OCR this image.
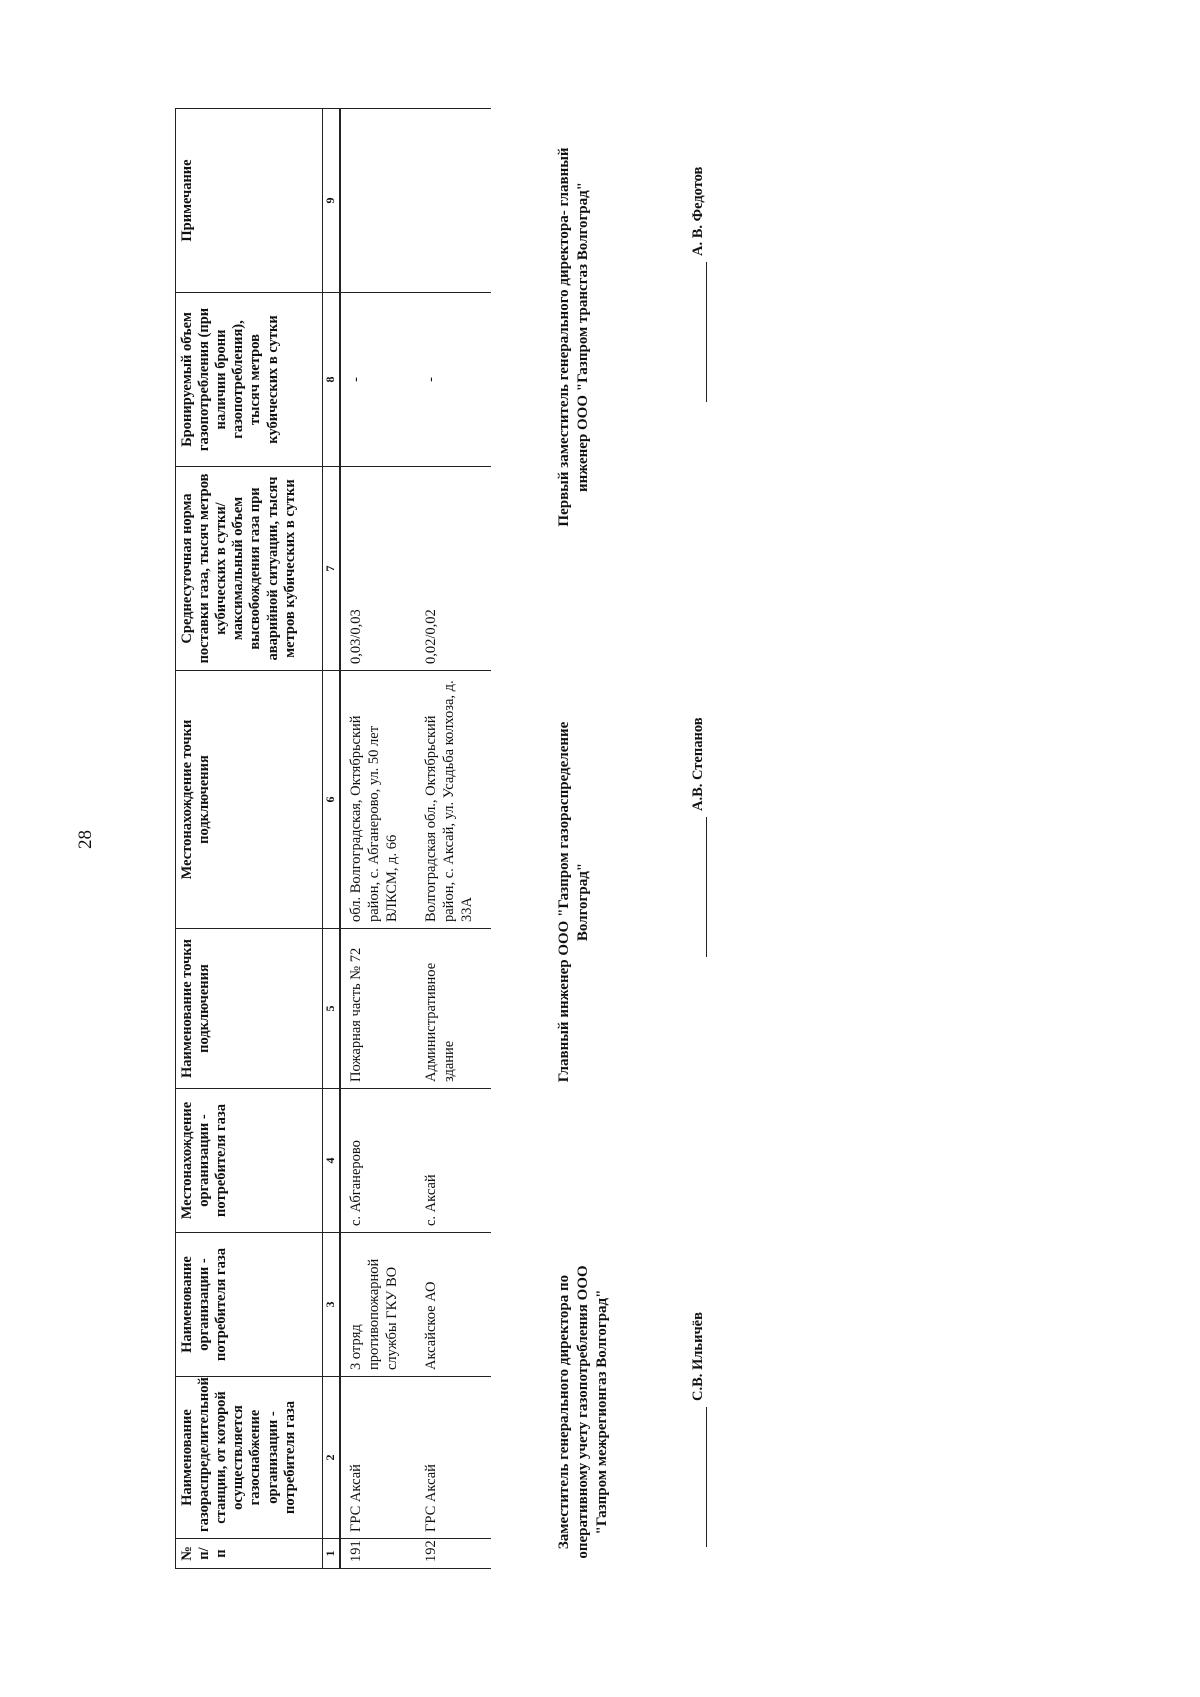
28
№ п/п	Наименование газораспределительной станции, от которой осуществляется газоснабжение организации - потребителя газа	Наименование организации - потребителя газа	Местонахождение организации - потребителя газа	Наименование точки подключения	Местонахождение точки подключения	Среднесуточная норма поставки газа, тысяч метров кубических в сутки/максимальный объем высвобождения газа при аварийной ситуации, тысяч метров кубических в сутки	Бронируемый объем газопотребления (при наличии брони газопотребления), тысяч метров кубических в сутки	Примечание
1	2	3	4	5	6	7	8	9
191	ГРС Аксай	3 отряд противопожарной службы ГКУ ВО	с. Абганерово	Пожарная часть № 72	обл. Волгоградская, Октябрьский район, с. Абганерово, ул. 50 лет ВЛКСМ, д. 66	0,03/0,03	-	
192	ГРС Аксай	Аксайское АО	с. Аксай	Административное здание	Волгоградская обл., Октябрьский район, с. Аксай, ул. Усадьба колхоза, д. 33А	0,02/0,02	-	
Заместитель генерального директора по оперативному учету газопотребления ООО "Газпром межрегионгаз Волгоград"	С.В. Ильичёв
Главный инженер ООО "Газпром газораспределение Волгоград"
А.В. Степанов
Первый заместитель генерального директора- главный инженер ООО "Газпром трансгаз Волгоград"	А. В. Федотов
